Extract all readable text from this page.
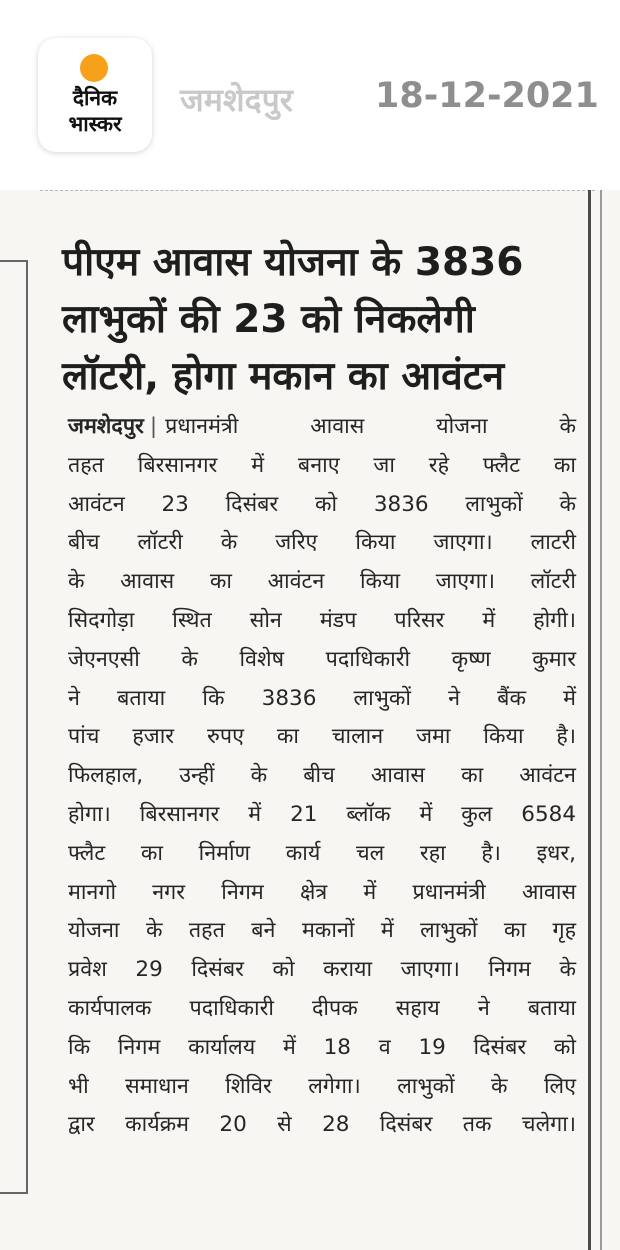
दैनिक
भास्कर
जमशेदपुर 18-12-2021
पीएम आवास योजना के 3836
लाभुकों की 23 को निकलेगी
लॉटरी, होगा मकान का आवंटन
जमशेदपुर | प्रधानमंत्री आवास योजना के
तहत बिरसानगर में बनाए जा रहे फ्लैट का
आवंटन 23 दिसंबर को 3836 लाभुकों के
बीच लॉटरी के जरिए किया जाएगा। लाटरी
के आवास का आवंटन किया जाएगा। लॉटरी
सिदगोड़ा स्थित सोन मंडप परिसर में होगी।
जेएनएसी के विशेष पदाधिकारी कृष्ण कुमार
ने बताया कि 3836 लाभुकों ने बैंक में
पांच हजार रुपए का चालान जमा किया है।
फिलहाल, उन्हीं के बीच आवास का आवंटन
होगा। बिरसानगर में 21 ब्लॉक में कुल 6584
फ्लैट का निर्माण कार्य चल रहा है। इधर,
मानगो नगर निगम क्षेत्र में प्रधानमंत्री आवास
योजना के तहत बने मकानों में लाभुकों का गृह
प्रवेश 29 दिसंबर को कराया जाएगा। निगम के
कार्यपालक पदाधिकारी दीपक सहाय ने बताया
कि निगम कार्यालय में 18 व 19 दिसंबर को
भी समाधान शिविर लगेगा। लाभुकों के लिए
द्वार कार्यक्रम 20 से 28 दिसंबर तक चलेगा।
